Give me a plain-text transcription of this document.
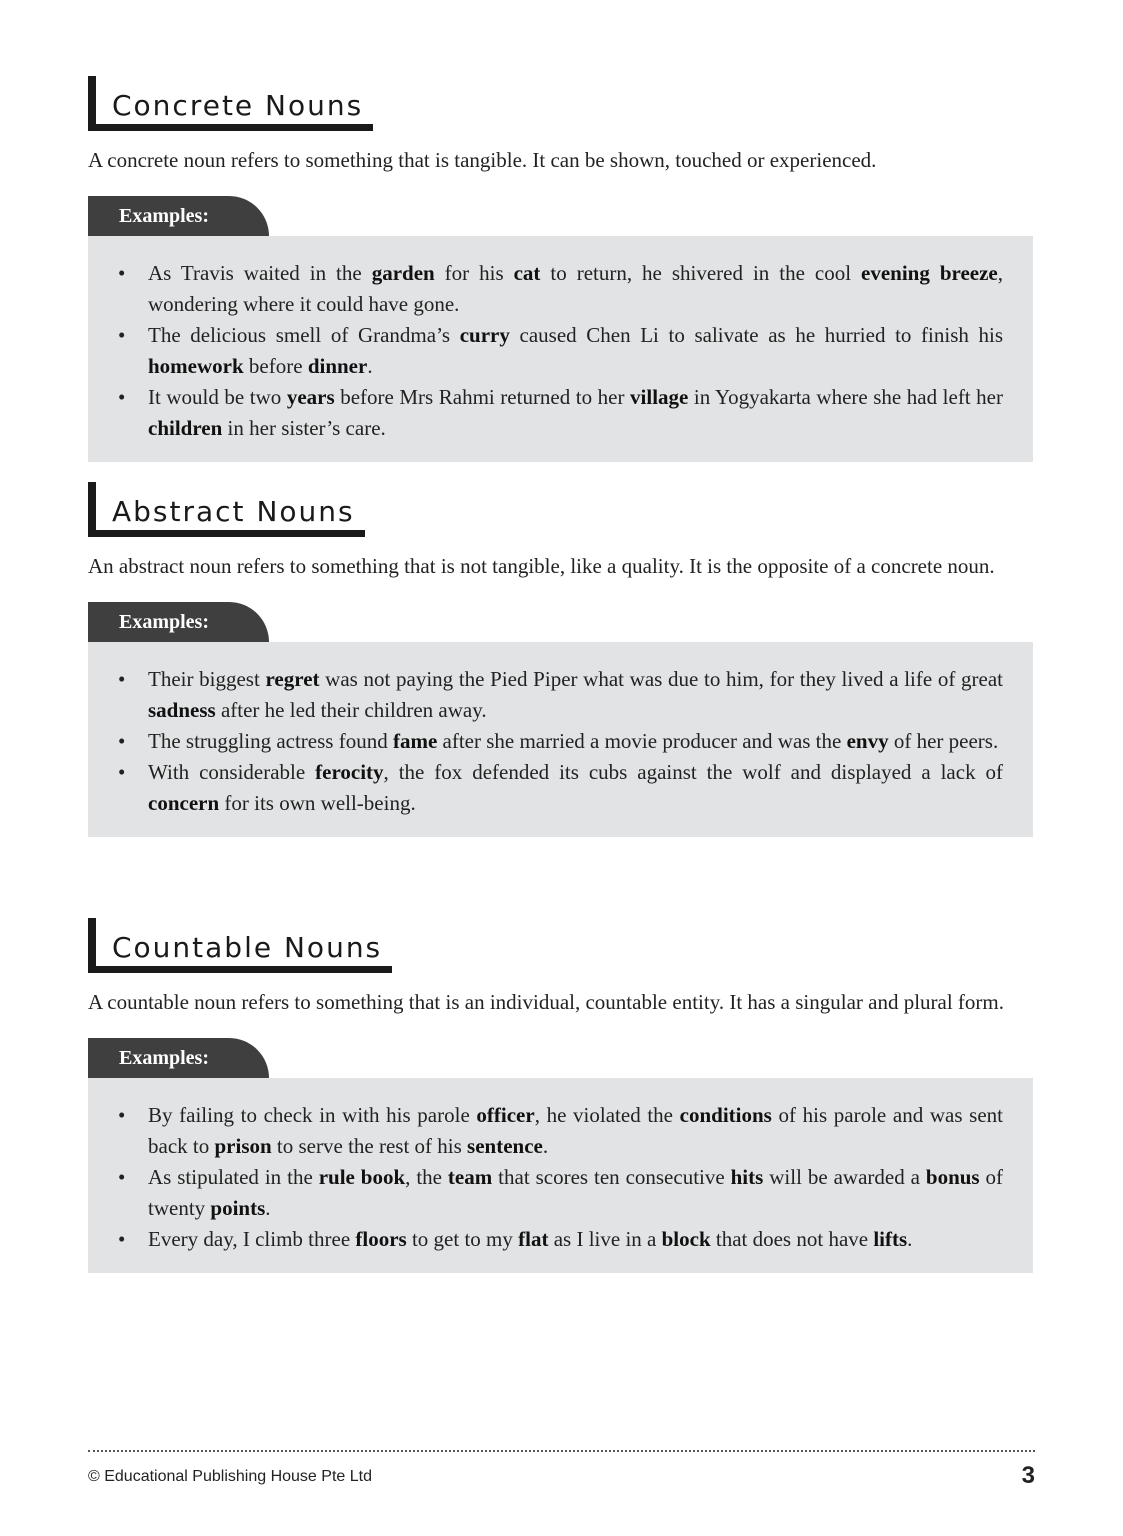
Concrete Nouns

A concrete noun refers to something that is tangible. It can be shown, touched or experienced.

Examples:
• As Travis waited in the garden for his cat to return, he shivered in the cool evening breeze, wondering where it could have gone.
• The delicious smell of Grandma’s curry caused Chen Li to salivate as he hurried to finish his homework before dinner.
• It would be two years before Mrs Rahmi returned to her village in Yogyakarta where she had left her children in her sister’s care.
Abstract Nouns

An abstract noun refers to something that is not tangible, like a quality. It is the opposite of a concrete noun.

Examples:
• Their biggest regret was not paying the Pied Piper what was due to him, for they lived a life of great sadness after he led their children away.
• The struggling actress found fame after she married a movie producer and was the envy of her peers.
• With considerable ferocity, the fox defended its cubs against the wolf and displayed a lack of concern for its own well-being.
Countable Nouns

A countable noun refers to something that is an individual, countable entity. It has a singular and plural form.

Examples:
• By failing to check in with his parole officer, he violated the conditions of his parole and was sent back to prison to serve the rest of his sentence.
• As stipulated in the rule book, the team that scores ten consecutive hits will be awarded a bonus of twenty points.
• Every day, I climb three floors to get to my flat as I live in a block that does not have lifts.
© Educational Publishing House Pte Ltd	3
